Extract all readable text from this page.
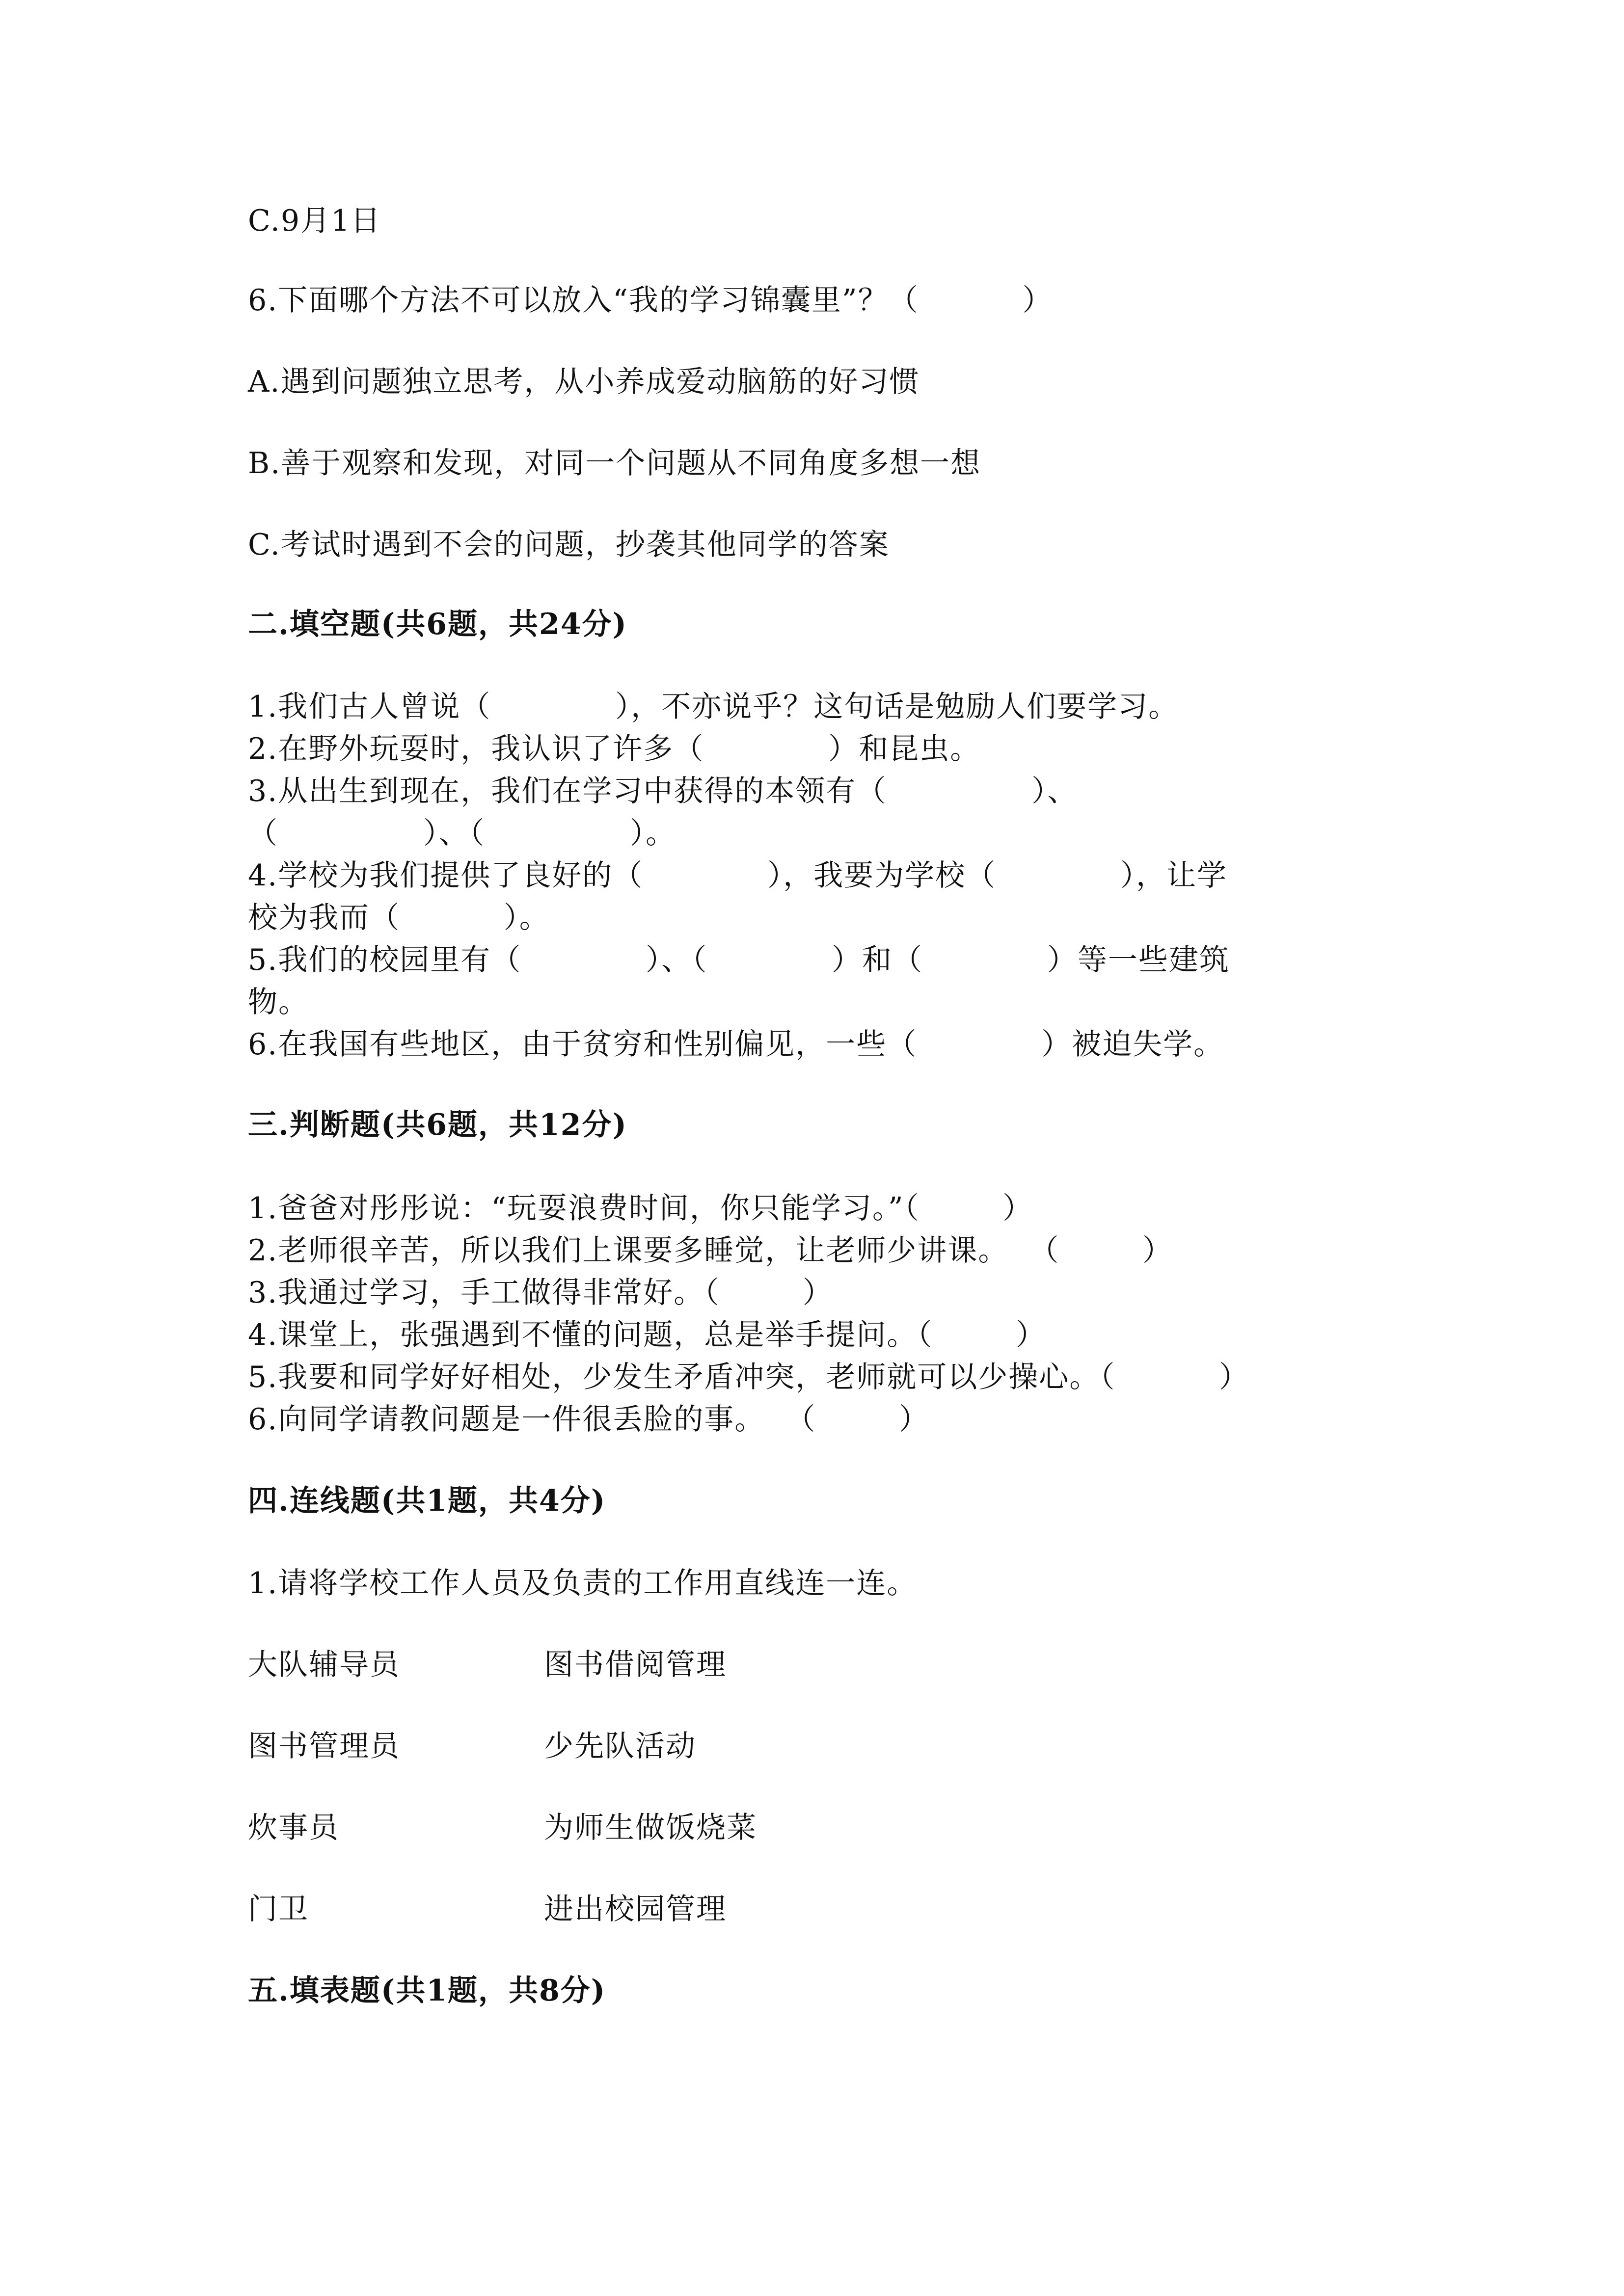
C.9月1日
6.下面哪个方法不可以放入“我的学习锦囊里”？（          ）
A.遇到问题独立思考，从小养成爱动脑筋的好习惯
B.善于观察和发现，对同一个问题从不同角度多想一想
C.考试时遇到不会的问题，抄袭其他同学的答案
二.填空题(共6题，共24分)
1.我们古人曾说（            ），不亦说乎？这句话是勉励人们要学习。
2.在野外玩耍时，我认识了许多（            ）和昆虫。
3.从出生到现在，我们在学习中获得的本领有（              ）、
（              ）、（              ）。
4.学校为我们提供了良好的（            ），我要为学校（            ），让学
校为我而（          ）。
5.我们的校园里有（            ）、（            ）和（            ）等一些建筑
物。
6.在我国有些地区，由于贫穷和性别偏见，一些（            ）被迫失学。
三.判断题(共6题，共12分)
1.爸爸对彤彤说：“玩耍浪费时间，你只能学习。”（        ）
2.老师很辛苦，所以我们上课要多睡觉，让老师少讲课。  （        ）
3.我通过学习，手工做得非常好。（        ）
4.课堂上，张强遇到不懂的问题，总是举手提问。（        ）
5.我要和同学好好相处，少发生矛盾冲突，老师就可以少操心。（          ）
6.向同学请教问题是一件很丢脸的事。  （        ）
四.连线题(共1题，共4分)
1.请将学校工作人员及负责的工作用直线连一连。
大队辅导员	图书借阅管理
图书管理员	少先队活动
炊事员	为师生做饭烧菜
门卫	进出校园管理
五.填表题(共1题，共8分)
